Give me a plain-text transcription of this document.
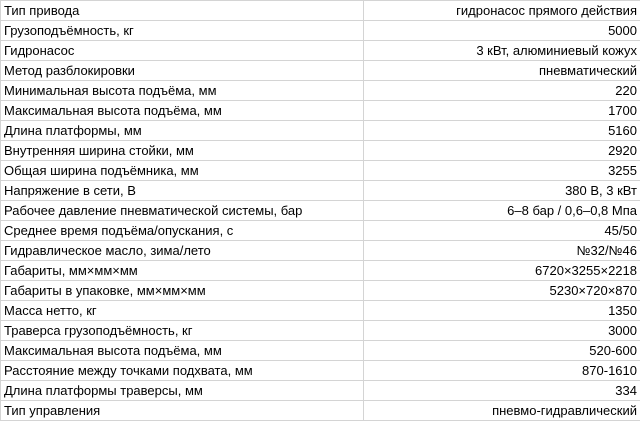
Тип привода	гидронасос прямого действия
Грузоподъёмность, кг	5000
Гидронасос	3 кВт, алюминиевый кожух
Метод разблокировки	пневматический
Минимальная высота подъёма, мм	220
Максимальная высота подъёма, мм	1700
Длина платформы, мм	5160
Внутренняя ширина стойки, мм	2920
Общая ширина подъёмника, мм	3255
Напряжение в сети, В	380 В, 3 кВт
Рабочее давление пневматической системы, бар	6–8 бар / 0,6–0,8 Мпа
Среднее время подъёма/опускания, с	45/50
Гидравлическое масло, зима/лето	№32/№46
Габариты, мм×мм×мм	6720×3255×2218
Габариты в упаковке, мм×мм×мм	5230×720×870
Масса нетто, кг	1350
Траверса грузоподъёмность, кг	3000
Максимальная высота подъёма, мм	520-600
Расстояние между точками подхвата, мм	870-1610
Длина платформы траверсы, мм	334
Тип управления	пневмо-гидравлический
